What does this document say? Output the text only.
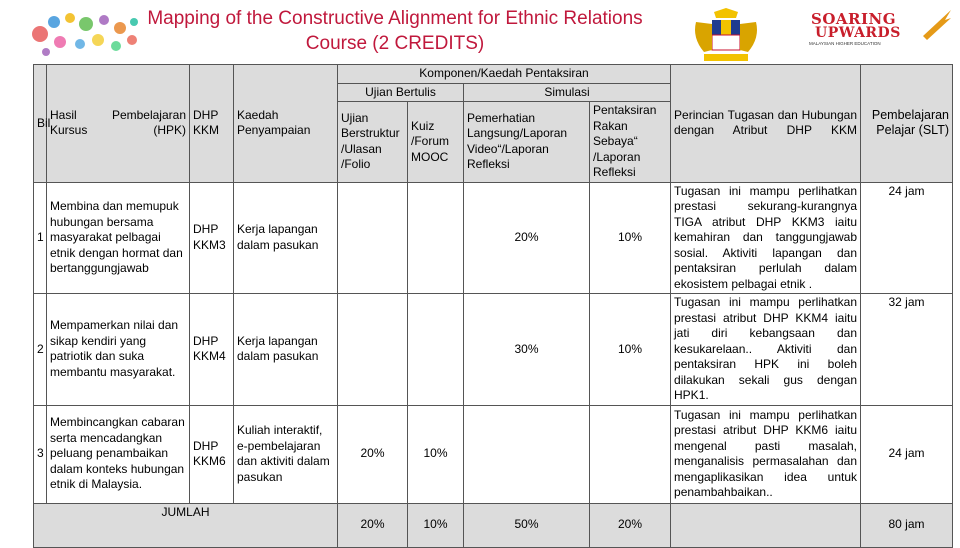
Mapping of the Constructive Alignment for Ethnic Relations Course (2 CREDITS)
SOARING
UPWARDS
MALAYSIAN HIGHER EDUCATION
Bil	Hasil Pembelajaran Kursus (HPK)	DHP KKM	Kaedah Penyampaian	Komponen/Kaedah Pentaksiran				Perincian Tugasan dan Hubungan dengan Atribut DHP KKM	Pembelajaran Pelajar (SLT)
				Ujian Bertulis		Simulasi			
				Ujian Berstruktur /Ulasan /Folio	Kuiz /Forum MOOC	Pemerhatian Langsung/Laporan Video“/Laporan Refleksi	Pentaksiran Rakan Sebaya“ /Laporan Refleksi		
1	Membina dan memupuk hubungan bersama masyarakat pelbagai etnik dengan hormat dan bertanggungjawab	DHP KKM3	Kerja lapangan dalam pasukan			20%	10%	Tugasan ini mampu perlihatkan prestasi sekurang-kurangnya TIGA atribut DHP KKM3 iaitu kemahiran dan tanggungjawab sosial. Aktiviti lapangan dan pentaksiran perlulah dalam ekosistem pelbagai etnik .	24 jam
2	Mempamerkan nilai dan sikap kendiri yang patriotik dan suka membantu masyarakat.	DHP KKM4	Kerja lapangan dalam pasukan			30%	10%	Tugasan ini mampu perlihatkan prestasi atribut DHP KKM4 iaitu jati diri kebangsaan dan kesukarelaan.. Aktiviti dan pentaksiran HPK ini boleh dilakukan sekali gus dengan HPK1.	32 jam
3	Membincangkan cabaran serta mencadangkan peluang penambaikan dalam konteks hubungan etnik di Malaysia.	DHP KKM6	Kuliah interaktif, e-pembelajaran dan aktiviti dalam pasukan	20%	10%			Tugasan ini mampu perlihatkan prestasi atribut DHP KKM6 iaitu mengenal pasti masalah, menganalisis permasalahan dan mengaplikasikan idea untuk penambahbaikan..	24 jam
JUMLAH				20%	10%	50%	20%		80 jam
